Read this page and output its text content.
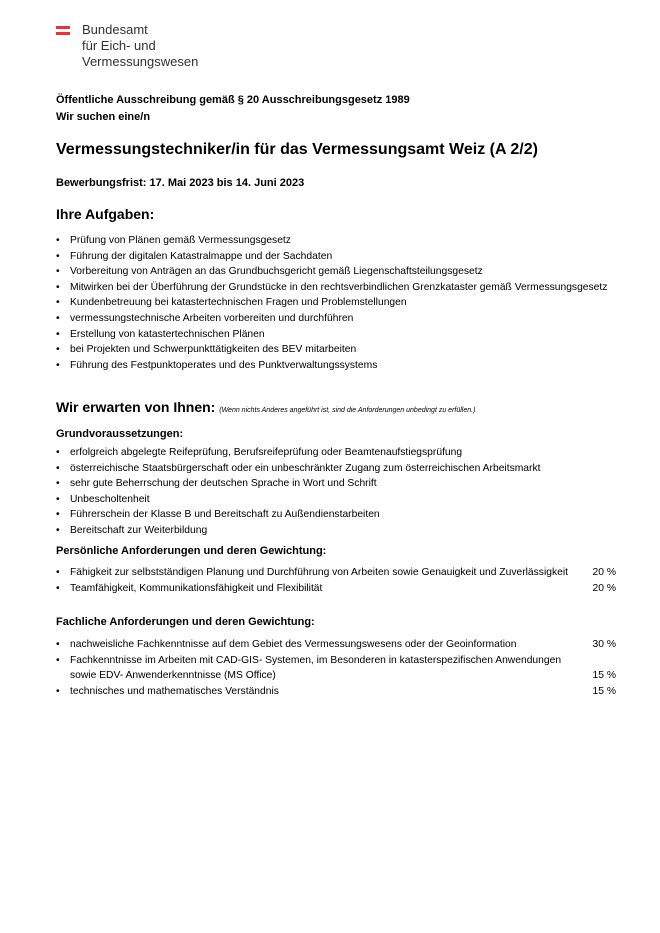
Bundesamt
für Eich- und
Vermessungswesen
Öffentliche Ausschreibung gemäß § 20 Ausschreibungsgesetz 1989
Wir suchen eine/n
Vermessungstechniker/in für das Vermessungsamt Weiz (A 2/2)
Bewerbungsfrist: 17. Mai 2023 bis 14. Juni 2023
Ihre Aufgaben:
• Prüfung von Plänen gemäß Vermessungsgesetz
• Führung der digitalen Katastralmappe und der Sachdaten
• Vorbereitung von Anträgen an das Grundbuchsgericht gemäß Liegenschaftsteilungsgesetz
• Mitwirken bei der Überführung der Grundstücke in den rechtsverbindlichen Grenzkataster gemäß Vermessungsgesetz
• Kundenbetreuung bei katastertechnischen Fragen und Problemstellungen
• vermessungstechnische Arbeiten vorbereiten und durchführen
• Erstellung von katastertechnischen Plänen
• bei Projekten und Schwerpunkttätigkeiten des BEV mitarbeiten
• Führung des Festpunktoperates und des Punktverwaltungssystems
Wir erwarten von Ihnen: (Wenn nichts Anderes angeführt ist, sind die Anforderungen unbedingt zu erfüllen.)
Grundvoraussetzungen:
• erfolgreich abgelegte Reifeprüfung, Berufsreifeprüfung oder Beamtenaufstiegsprüfung
• österreichische Staatsbürgerschaft oder ein unbeschränkter Zugang zum österreichischen Arbeitsmarkt
• sehr gute Beherrschung der deutschen Sprache in Wort und Schrift
• Unbescholtenheit
• Führerschein der Klasse B und Bereitschaft zu Außendienstarbeiten
• Bereitschaft zur Weiterbildung
Persönliche Anforderungen und deren Gewichtung:
• Fähigkeit zur selbstständigen Planung und Durchführung von Arbeiten sowie Genauigkeit und Zuverlässigkeit	20 %
• Teamfähigkeit, Kommunikationsfähigkeit und Flexibilität	20 %
Fachliche Anforderungen und deren Gewichtung:
• nachweisliche Fachkenntnisse auf dem Gebiet des Vermessungswesens oder der Geoinformation	30 %
• Fachkenntnisse im Arbeiten mit CAD-GIS- Systemen, im Besonderen in katasterspezifischen Anwendungen sowie EDV- Anwenderkenntnisse (MS Office)	15 %
• technisches und mathematisches Verständnis	15 %
